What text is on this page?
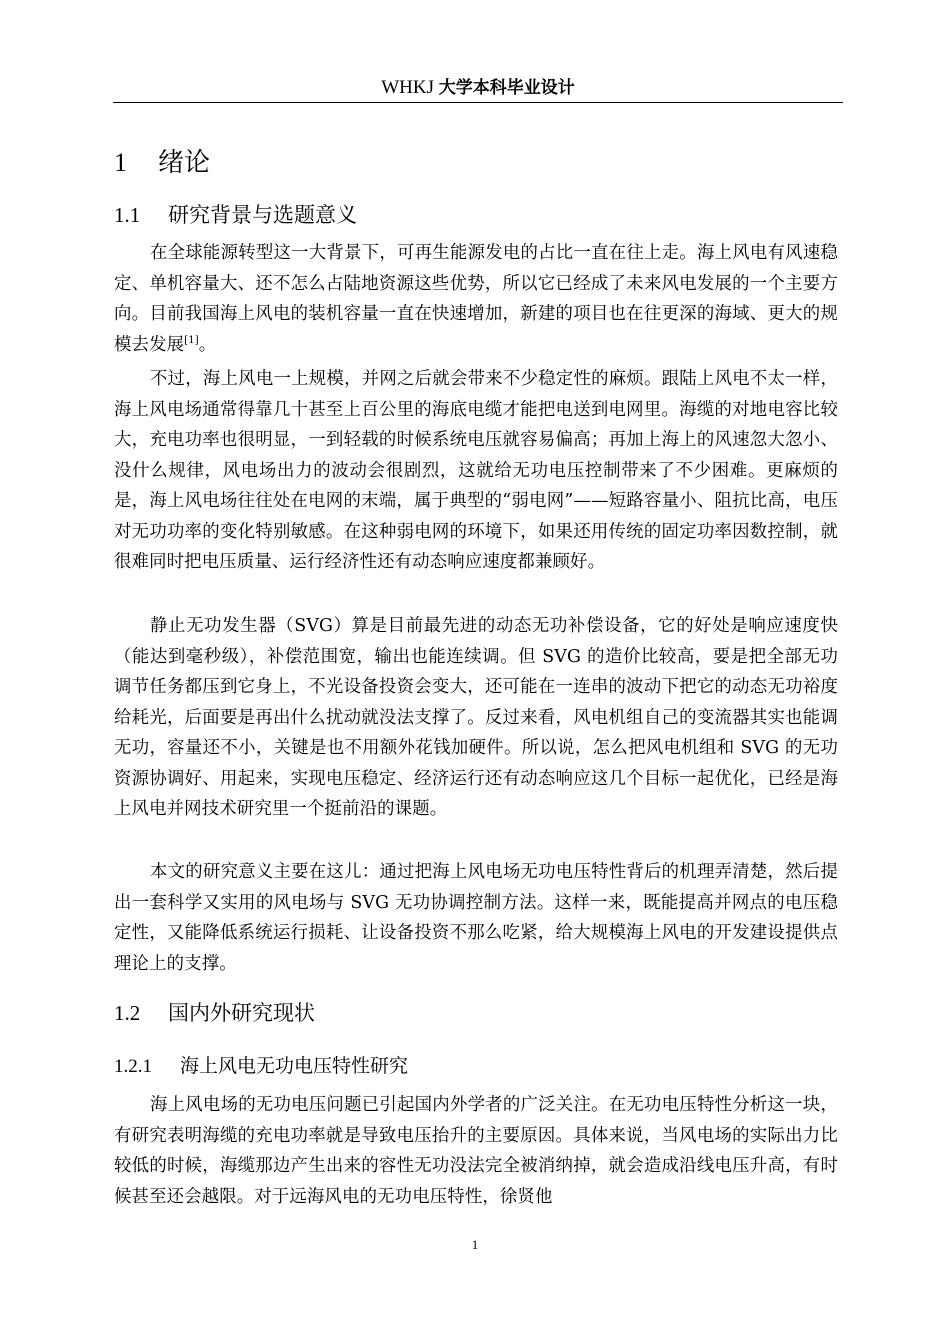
WHKJ 大学本科毕业设计
1 绪论
1.1 研究背景与选题意义

在全球能源转型这一大背景下，可再生能源发电的占比一直在往上走。海上风电有风速稳定、单机容量大、还不怎么占陆地资源这些优势，所以它已经成了未来风电发展的一个主要方向。目前我国海上风电的装机容量一直在快速增加，新建的项目也在往更深的海域、更大的规模去发展[1]。

不过，海上风电一上规模，并网之后就会带来不少稳定性的麻烦。跟陆上风电不太一样，海上风电场通常得靠几十甚至上百公里的海底电缆才能把电送到电网里。海缆的对地电容比较大，充电功率也很明显，一到轻载的时候系统电压就容易偏高；再加上海上的风速忽大忽小、没什么规律，风电场出力的波动会很剧烈，这就给无功电压控制带来了不少困难。更麻烦的是，海上风电场往往处在电网的末端，属于典型的“弱电网”——短路容量小、阻抗比高，电压对无功功率的变化特别敏感。在这种弱电网的环境下，如果还用传统的固定功率因数控制，就很难同时把电压质量、运行经济性还有动态响应速度都兼顾好。

静止无功发生器（SVG）算是目前最先进的动态无功补偿设备，它的好处是响应速度快（能达到毫秒级），补偿范围宽，输出也能连续调。但 SVG 的造价比较高，要是把全部无功调节任务都压到它身上，不光设备投资会变大，还可能在一连串的波动下把它的动态无功裕度给耗光，后面要是再出什么扰动就没法支撑了。反过来看，风电机组自己的变流器其实也能调无功，容量还不小，关键是也不用额外花钱加硬件。所以说，怎么把风电机组和 SVG 的无功资源协调好、用起来，实现电压稳定、经济运行还有动态响应这几个目标一起优化，已经是海上风电并网技术研究里一个挺前沿的课题。

本文的研究意义主要在这儿：通过把海上风电场无功电压特性背后的机理弄清楚，然后提出一套科学又实用的风电场与 SVG 无功协调控制方法。这样一来，既能提高并网点的电压稳定性，又能降低系统运行损耗、让设备投资不那么吃紧，给大规模海上风电的开发建设提供点理论上的支撑。

1.2 国内外研究现状
1.2.1 海上风电无功电压特性研究

海上风电场的无功电压问题已引起国内外学者的广泛关注。在无功电压特性分析这一块，有研究表明海缆的充电功率就是导致电压抬升的主要原因。具体来说，当风电场的实际出力比较低的时候，海缆那边产生出来的容性无功没法完全被消纳掉，就会造成沿线电压升高，有时候甚至还会越限。对于远海风电的无功电压特性，徐贤他

1
